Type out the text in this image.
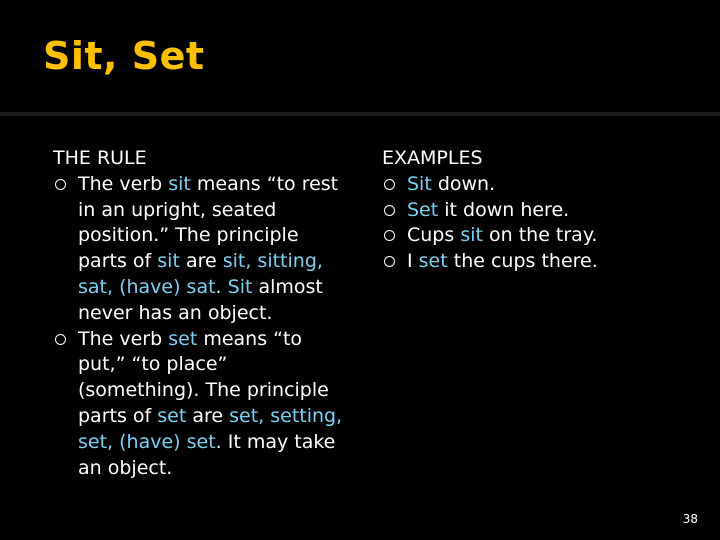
Sit, Set
THE RULE
The verb sit means “to rest in an upright, seated position.” The principle parts of sit are sit, sitting, sat, (have) sat. Sit almost never has an object.
The verb set means “to put,” “to place” (something). The principle parts of set are set, setting, set, (have) set. It may take an object.
EXAMPLES
Sit down.
Set it down here.
Cups sit on the tray.
I set the cups there.
38
